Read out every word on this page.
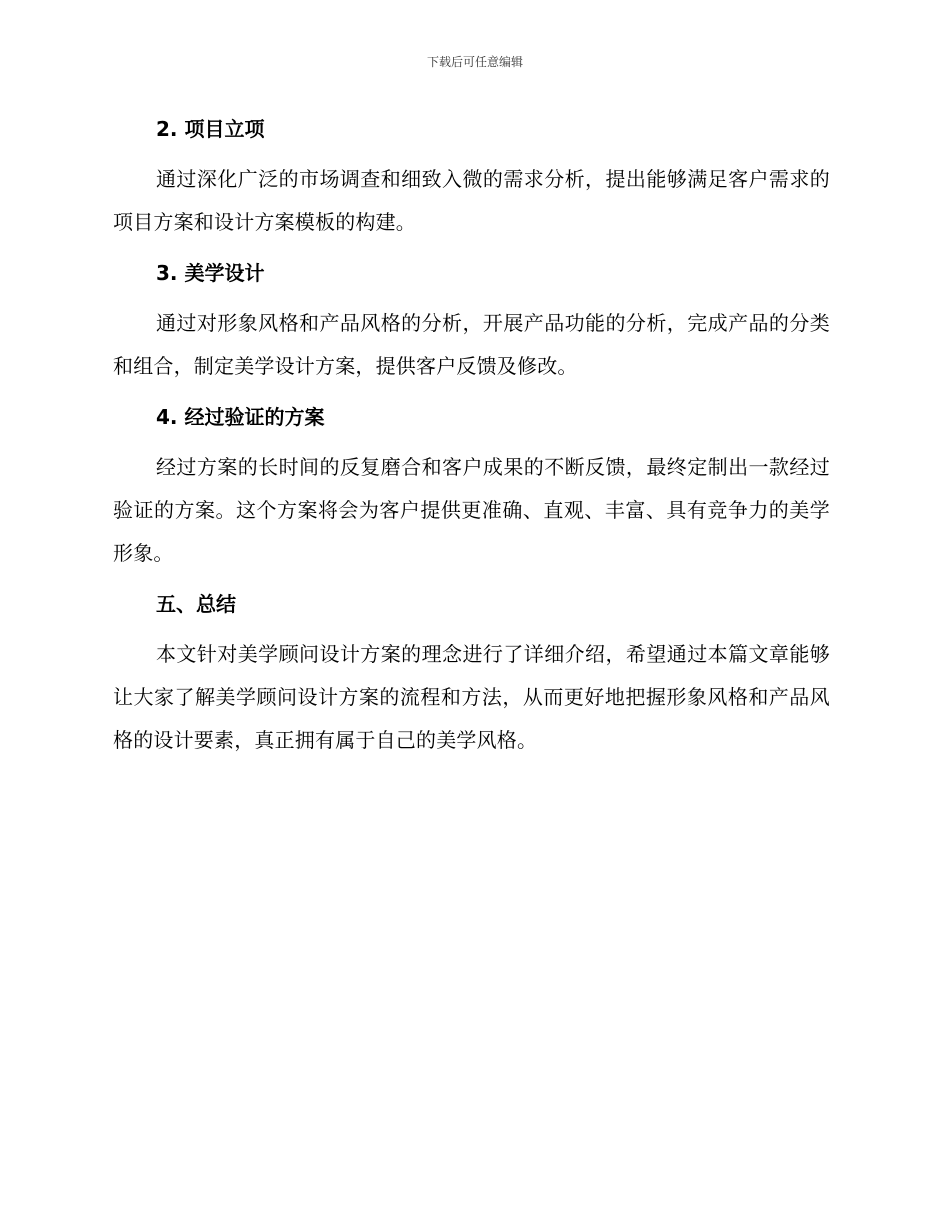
下载后可任意编辑
2. 项目立项

通过深化广泛的市场调查和细致入微的需求分析，提出能够满足客户需求的项目方案和设计方案模板的构建。

3. 美学设计

通过对形象风格和产品风格的分析，开展产品功能的分析，完成产品的分类和组合，制定美学设计方案，提供客户反馈及修改。

4. 经过验证的方案

经过方案的长时间的反复磨合和客户成果的不断反馈，最终定制出一款经过验证的方案。这个方案将会为客户提供更准确、直观、丰富、具有竞争力的美学形象。

五、总结

本文针对美学顾问设计方案的理念进行了详细介绍，希望通过本篇文章能够让大家了解美学顾问设计方案的流程和方法，从而更好地把握形象风格和产品风格的设计要素，真正拥有属于自己的美学风格。
